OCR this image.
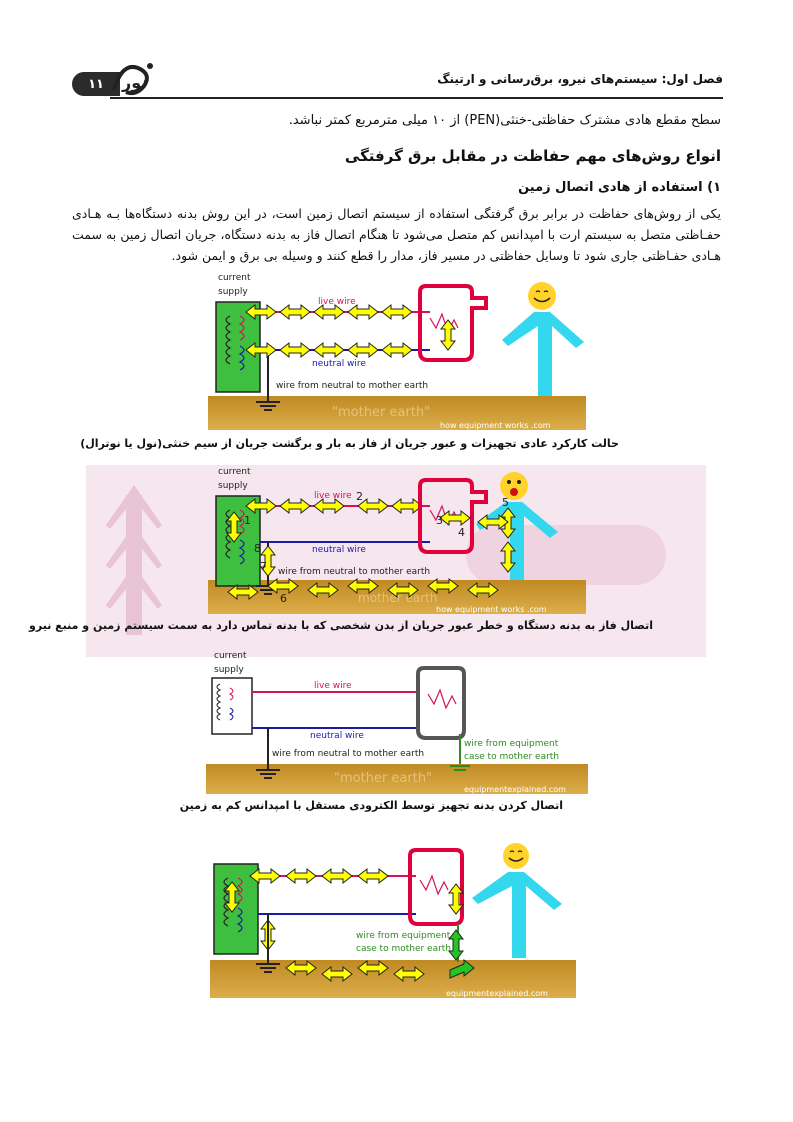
۱۱	نور	فصل اول: سیستم‌های نیرو، برق‌رسانی و ارتینگ
سطح مقطع هادی مشترک حفاظتی-خنثی(PEN) از ۱۰ میلی مترمربع کمتر نباشد.
انواع روش‌های مهم حفاظت در مقابل برق گرفتگی
۱) استفاده از هادی اتصال زمین
یکی از روش‌های حفاظت در برابر برق گرفتگی استفاده از سیستم اتصال زمین است، در این روش بدنه دستگاه‌ها بـه هـادی حفـاظتی متصل به سیستم ارت با امپدانس کم متصل می‌شود تا هنگام اتصال فاز به بدنه دستگاه، جریان اتصال زمین به سمت هـادی حفـاظتی جاری شود تا وسایل حفاظتی در مسیر فاز، مدار را قطع کنند و وسیله بی برق و ایمن شود.
"mother earth"
how equipment works .com
current
supply
live wire
neutral wire
wire from neutral to mother earth
حالت کارکرد عادی تجهیزات و عبور جریان از فاز به بار و برگشت جریان از سیم خنثی(نول یا نوترال)
mother earth
how equipment works .com
current
supply
live wire
neutral wire
wire from neutral to mother earth
1
2
3
4
5
6
7
8
اتصال فاز به بدنه دستگاه و خطر عبور جریان از بدن شخصی که با بدنه تماس دارد به سمت سیستم زمین و منبع نیرو
"mother earth"
equipmentexplained.com
current
supply
live wire
neutral wire
wire from neutral to mother earth
wire from equipment
case to mother earth
اتصال کردن بدنه تجهیز توسط الکترودی مستقل با امپدانس کم به زمین
equipmentexplained.com
wire from equipment
case to mother earth
